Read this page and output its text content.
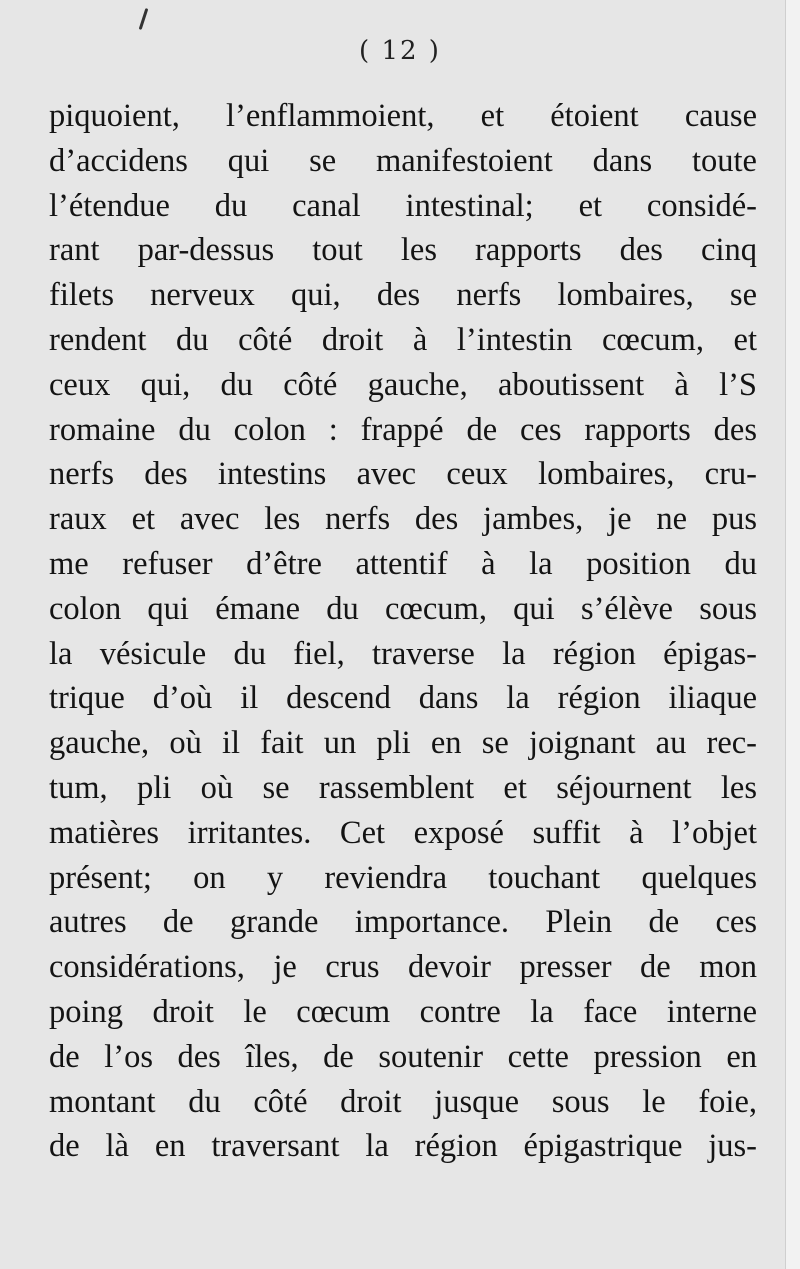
( 12 )
piquoient, l’enflammoient, et étoient cause
d’accidens qui se manifestoient dans toute
l’étendue du canal intestinal; et considé-
rant par-dessus tout les rapports des cinq
filets nerveux qui, des nerfs lombaires, se
rendent du côté droit à l’intestin cœcum, et
ceux qui, du côté gauche, aboutissent à l’S
romaine du colon : frappé de ces rapports des
nerfs des intestins avec ceux lombaires, cru-
raux et avec les nerfs des jambes, je ne pus
me refuser d’être attentif à la position du
colon qui émane du cœcum, qui s’élève sous
la vésicule du fiel, traverse la région épigas-
trique d’où il descend dans la région iliaque
gauche, où il fait un pli en se joignant au rec-
tum, pli où se rassemblent et séjournent les
matières irritantes. Cet exposé suffit à l’objet
présent; on y reviendra touchant quelques
autres de grande importance. Plein de ces
considérations, je crus devoir presser de mon
poing droit le cœcum contre la face interne
de l’os des îles, de soutenir cette pression en
montant du côté droit jusque sous le foie,
de là en traversant la région épigastrique jus-
